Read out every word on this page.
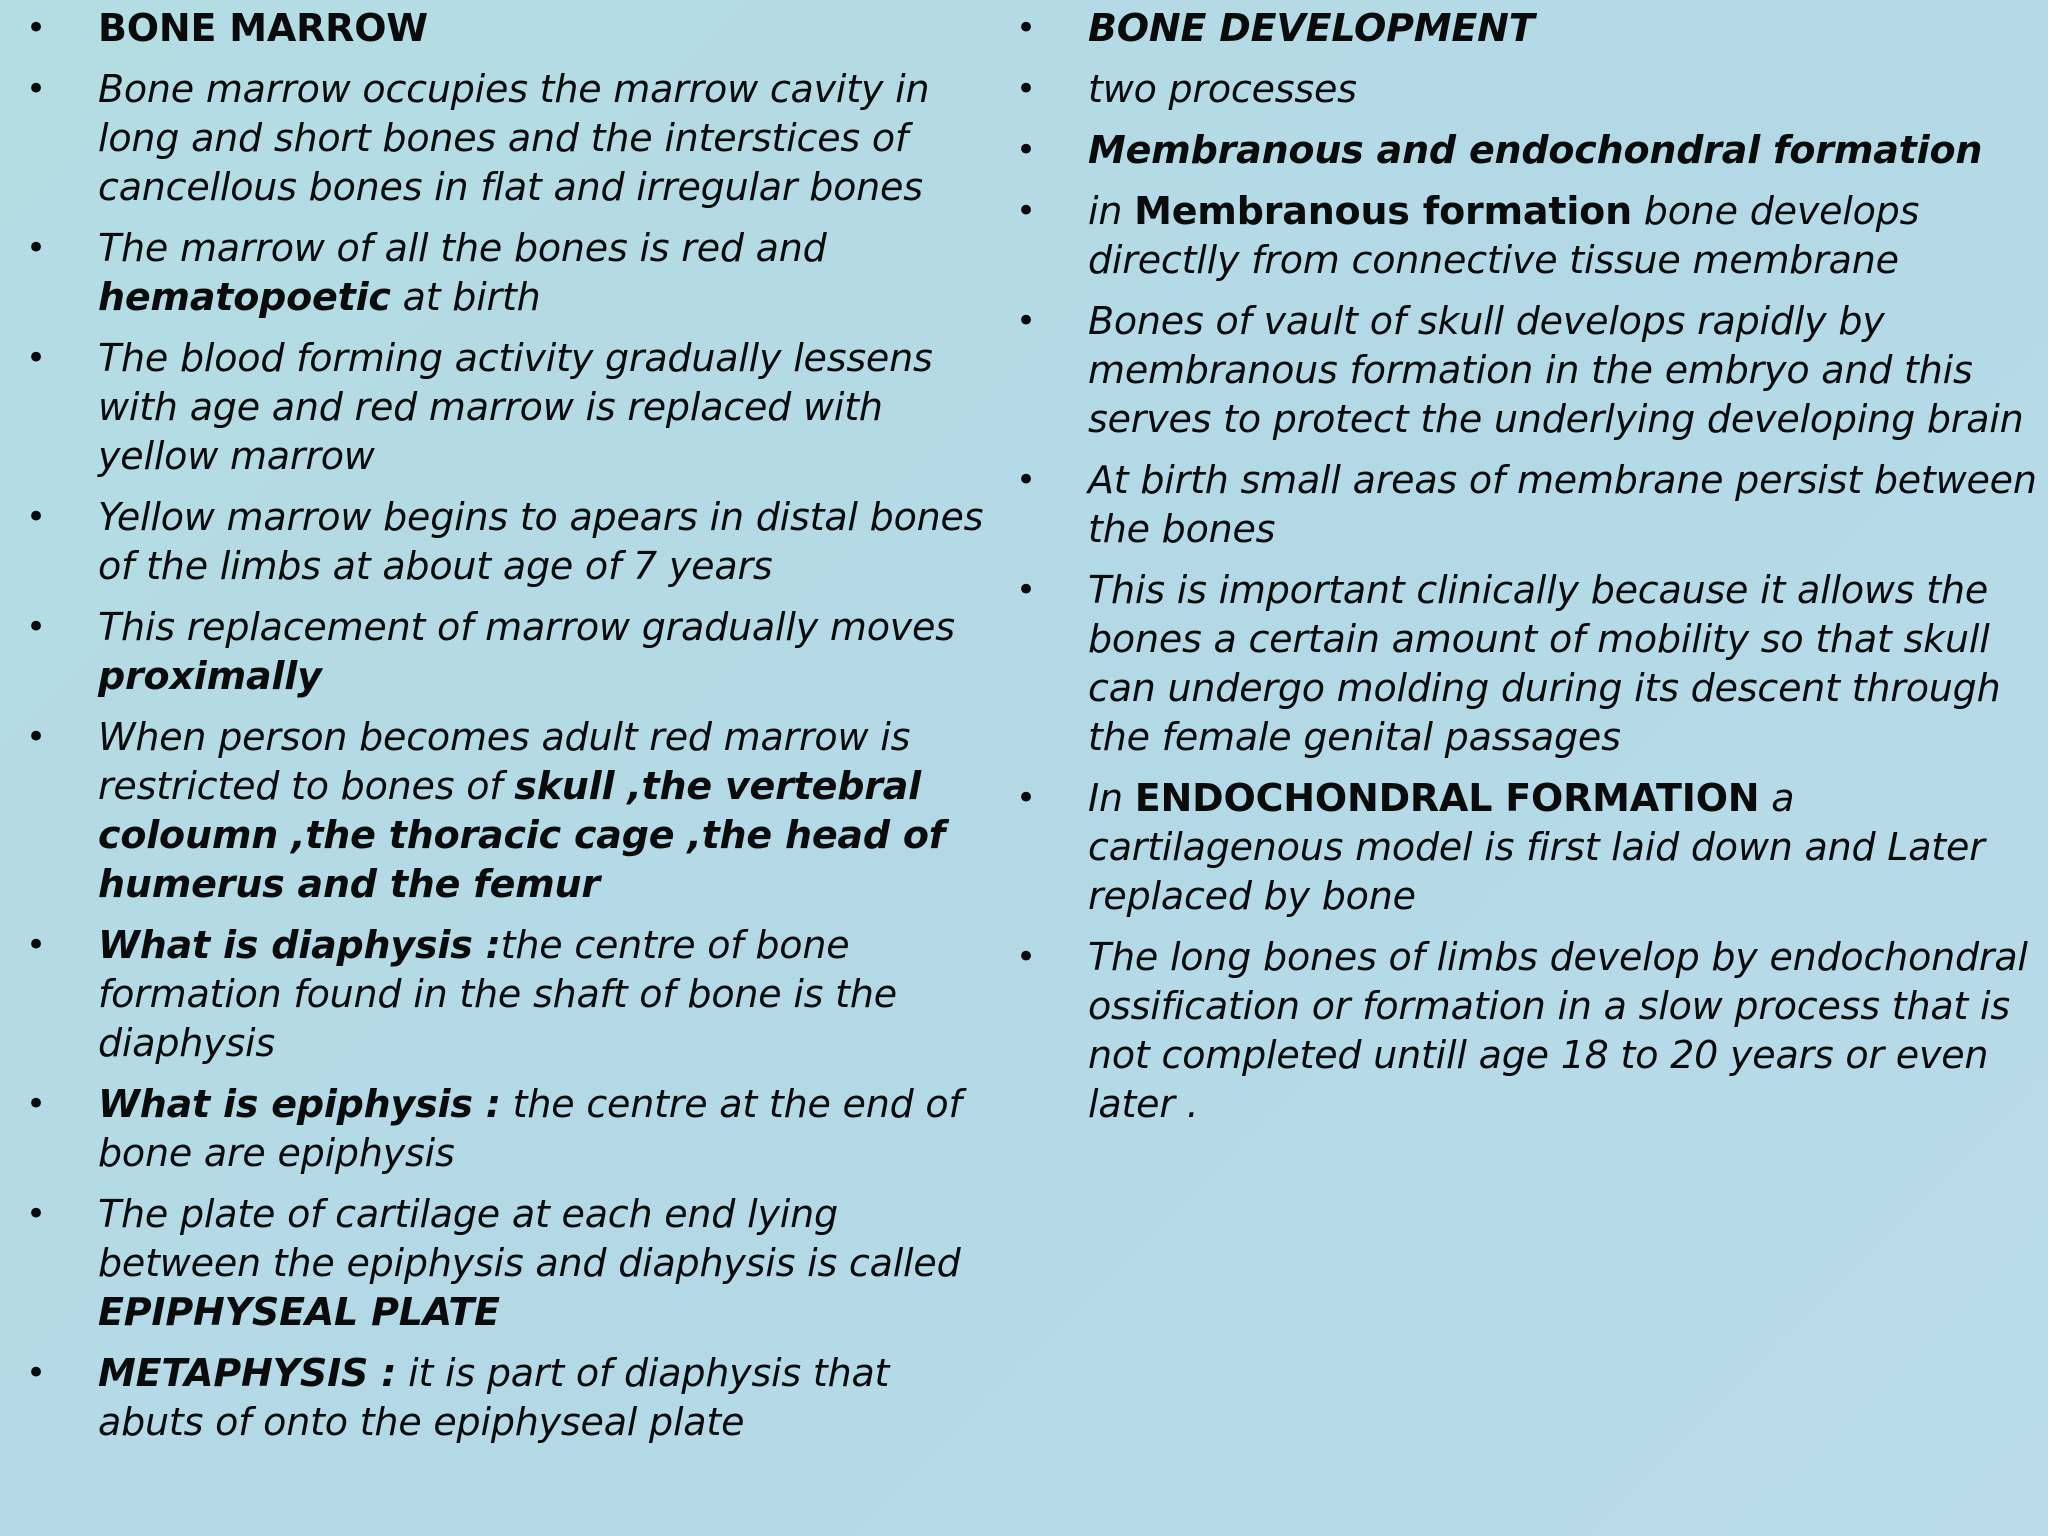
• BONE MARROW
• Bone marrow occupies the marrow cavity in long and short bones and the interstices of cancellous bones in flat and irregular bones
• The marrow of all the bones is red and hematopoetic at birth
• The blood forming activity gradually lessens with age and red marrow is replaced with yellow marrow
• Yellow marrow begins to apears in distal bones of the limbs at about age of 7 years
• This replacement of marrow gradually moves proximally
• When person becomes adult red marrow is restricted to bones of skull ,the vertebral coloumn ,the thoracic cage ,the head of humerus and the femur
• What is diaphysis :the centre of bone formation found in the shaft of bone is the diaphysis
• What is epiphysis : the centre at the end of bone are epiphysis
• The plate of cartilage at each end lying between the epiphysis and diaphysis is called EPIPHYSEAL PLATE
• METAPHYSIS : it is part of diaphysis that abuts of onto the epiphyseal plate
• BONE DEVELOPMENT
• two processes
• Membranous and endochondral formation
• in Membranous formation bone develops directlly from connective tissue membrane
• Bones of vault of skull develops rapidly by membranous formation in the embryo and this serves to protect the underlying developing brain
• At birth small areas of membrane persist between the bones
• This is important clinically because it allows the bones a certain amount of mobility so that skull can undergo molding during its descent through the female genital passages
• In ENDOCHONDRAL FORMATION a cartilagenous model is first laid down and Later replaced by bone
• The long bones of limbs develop by endochondral ossification or formation in a slow process that is not completed untill age 18 to 20 years or even later .
